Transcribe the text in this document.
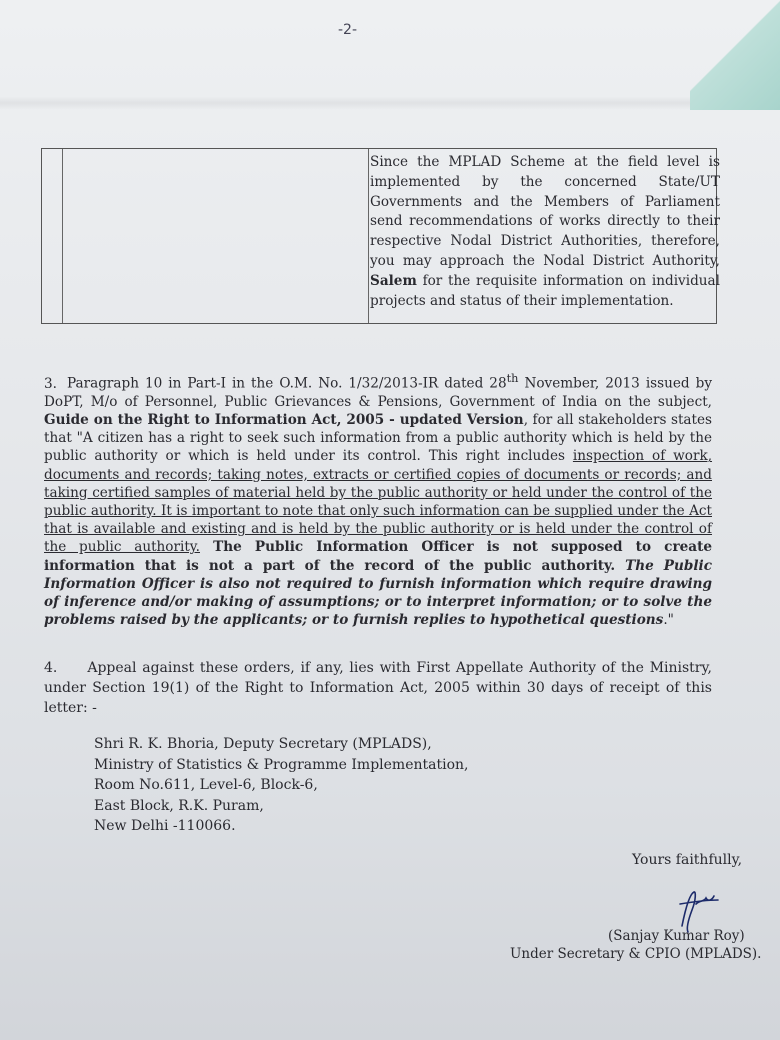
-2-
Since the MPLAD Scheme at the field level is implemented by the concerned State/UT Governments and the Members of Parliament send recommendations of works directly to their respective Nodal District Authorities, therefore, you may approach the Nodal District Authority, Salem for the requisite information on individual projects and status of their implementation.
3. Paragraph 10 in Part-I in the O.M. No. 1/32/2013-IR dated 28th November, 2013 issued by DoPT, M/o of Personnel, Public Grievances & Pensions, Government of India on the subject, Guide on the Right to Information Act, 2005 - updated Version, for all stakeholders states that "A citizen has a right to seek such information from a public authority which is held by the public authority or which is held under its control. This right includes inspection of work, documents and records; taking notes, extracts or certified copies of documents or records; and taking certified samples of material held by the public authority or held under the control of the public authority. It is important to note that only such information can be supplied under the Act that is available and existing and is held by the public authority or is held under the control of the public authority. The Public Information Officer is not supposed to create information that is not a part of the record of the public authority. The Public Information Officer is also not required to furnish information which require drawing of inference and/or making of assumptions; or to interpret information; or to solve the problems raised by the applicants; or to furnish replies to hypothetical questions."
4. Appeal against these orders, if any, lies with First Appellate Authority of the Ministry, under Section 19(1) of the Right to Information Act, 2005 within 30 days of receipt of this letter: -
Shri R. K. Bhoria, Deputy Secretary (MPLADS),
Ministry of Statistics & Programme Implementation,
Room No.611, Level-6, Block-6,
East Block, R.K. Puram,
New Delhi -110066.
Yours faithfully,
(Sanjay Kumar Roy)
Under Secretary & CPIO (MPLADS).
